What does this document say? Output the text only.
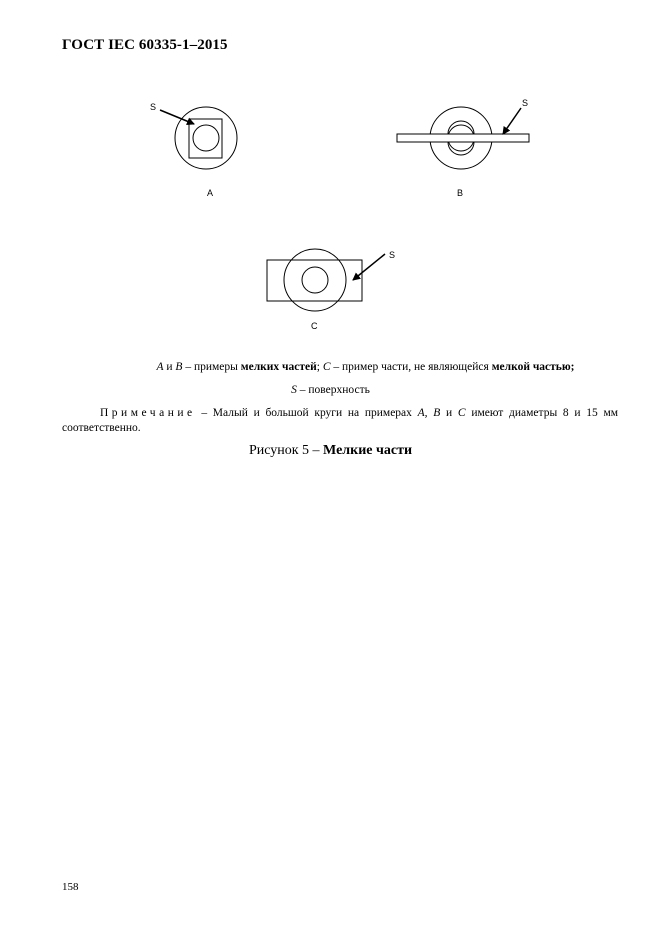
ГОСТ IEC 60335-1–2015
S
A
S
B
S
C
A и B – примеры мелких частей; C – пример части, не являющейся мелкой частью;
S – поверхность
Примечание – Малый и большой круги на примерах A, B и C имеют диаметры 8 и 15 мм соответственно.
Рисунок 5 – Мелкие части
158
